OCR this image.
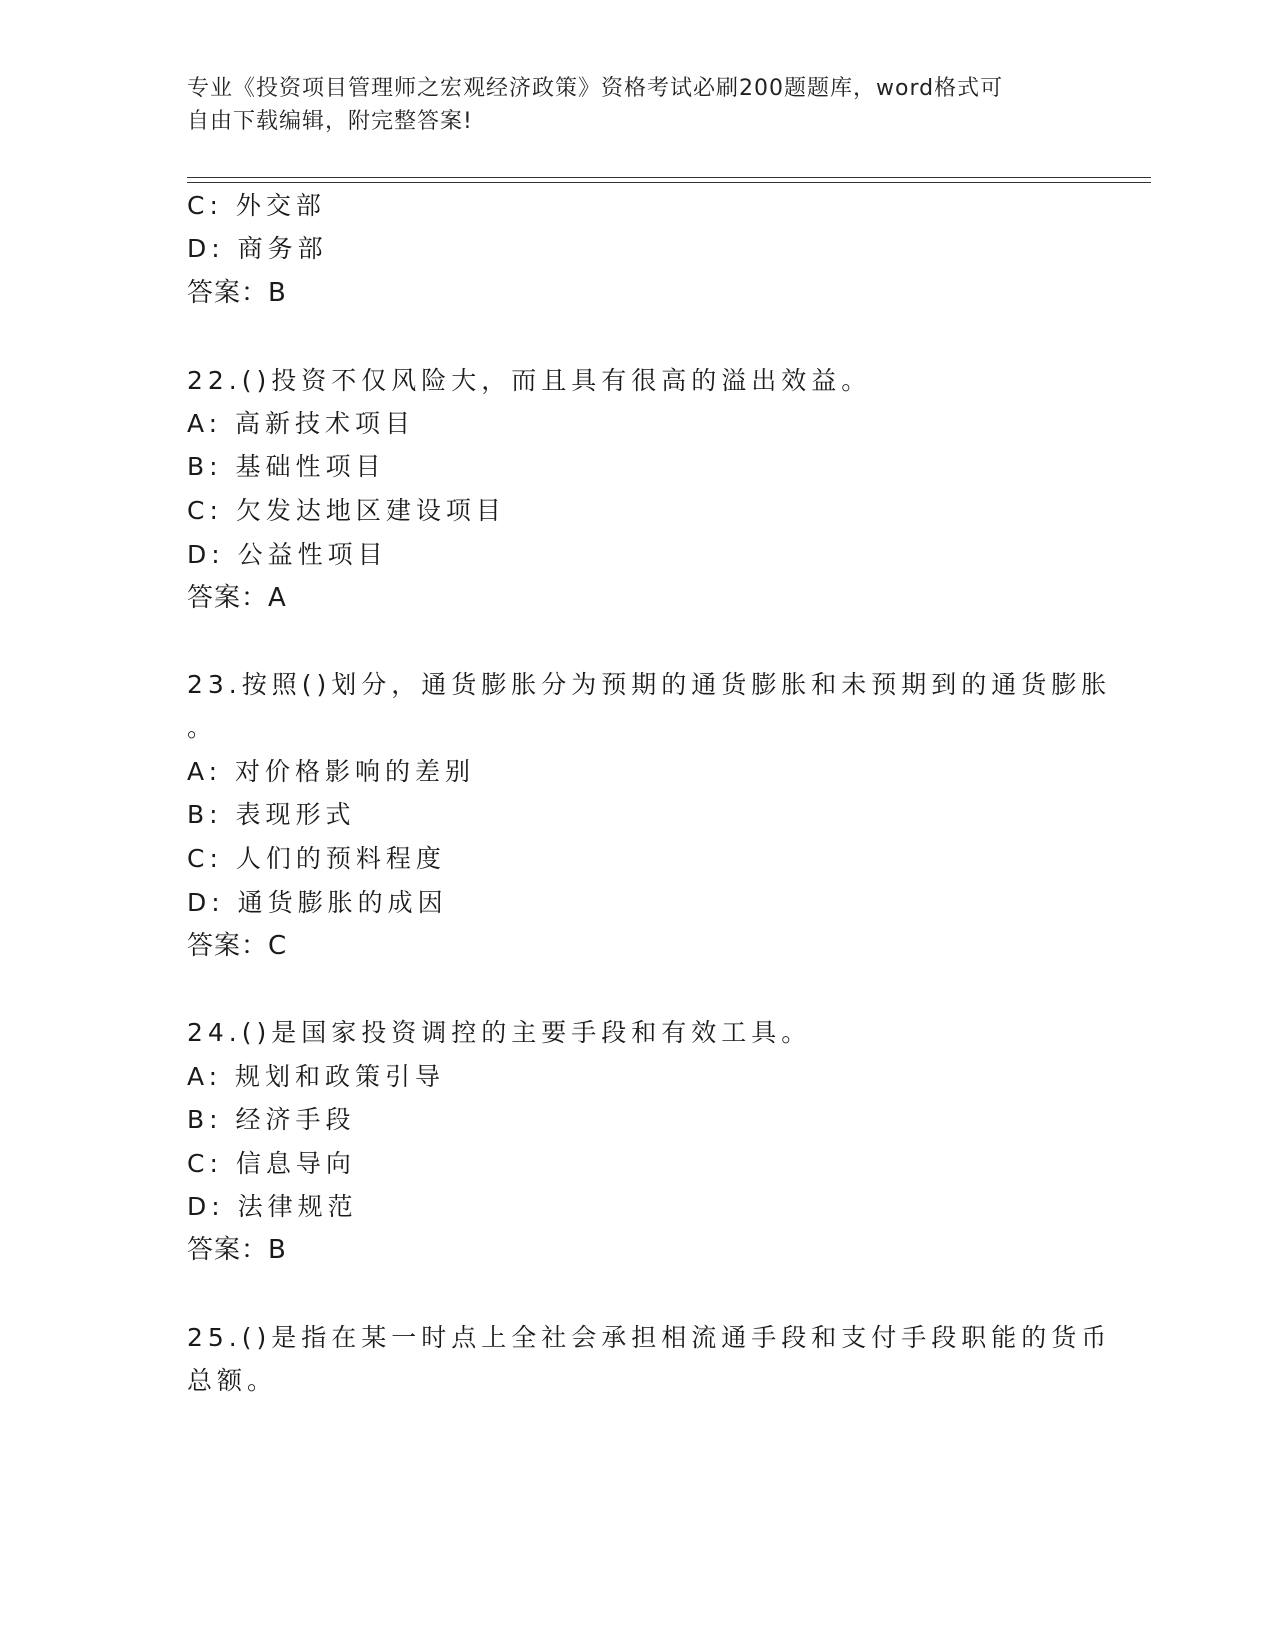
专业《投资项目管理师之宏观经济政策》资格考试必刷200题题库，word格式可
自由下载编辑，附完整答案!
C: 外交部
D: 商务部
答案：B
22.()投资不仅风险大，而且具有很高的溢出效益。
A: 高新技术项目
B: 基础性项目
C: 欠发达地区建设项目
D: 公益性项目
答案：A
23.按照()划分，通货膨胀分为预期的通货膨胀和未预期到的通货膨胀
。
A: 对价格影响的差别
B: 表现形式
C: 人们的预料程度
D: 通货膨胀的成因
答案：C
24.()是国家投资调控的主要手段和有效工具。
A: 规划和政策引导
B: 经济手段
C: 信息导向
D: 法律规范
答案：B
25.()是指在某一时点上全社会承担相流通手段和支付手段职能的货币
总额。
